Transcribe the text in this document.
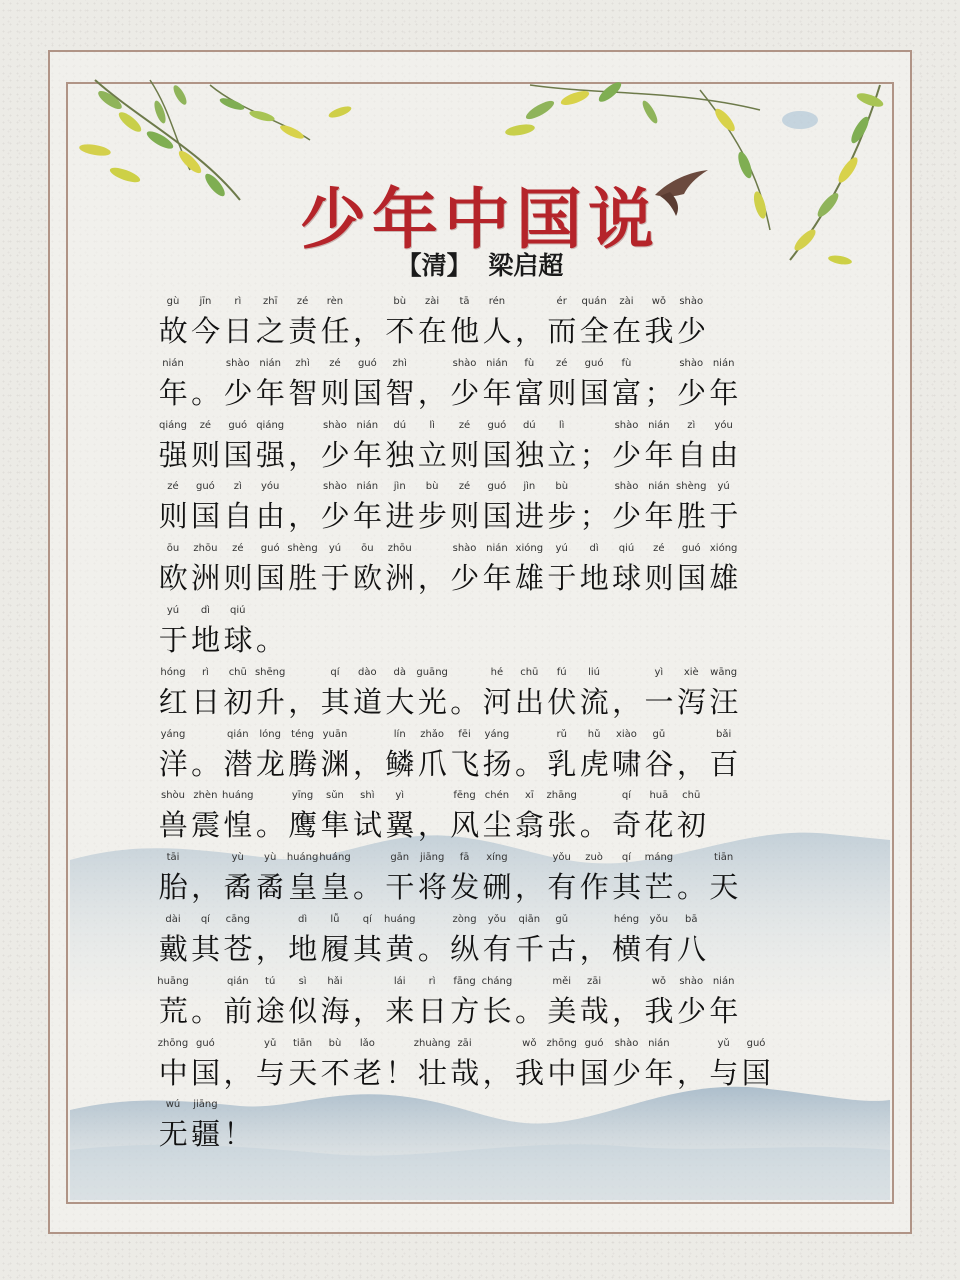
少年中国说
【清】 梁启超
gù
故
jīn
今
rì
日
zhī
之
zé
责
rèn
任 ，
bù
不
zài
在
tā
他
rén
人 ，
ér
而
quán
全
zài
在
wǒ
我
shào
少
nián
年 。
shào
少
nián
年
zhì
智
zé
则
guó
国
zhì
智 ，
shào
少
nián
年
fù
富
zé
则
guó
国
fù
富 ；
shào
少
nián
年
qiáng
强
zé
则
guó
国
qiáng
强 ，
shào
少
nián
年
dú
独
lì
立
zé
则
guó
国
dú
独
lì
立 ；
shào
少
nián
年
zì
自
yóu
由
zé
则
guó
国
zì
自
yóu
由 ，
shào
少
nián
年
jìn
进
bù
步
zé
则
guó
国
jìn
进
bù
步 ；
shào
少
nián
年
shèng
胜
yú
于
ōu
欧
zhōu
洲
zé
则
guó
国
shèng
胜
yú
于
ōu
欧
zhōu
洲 ，
shào
少
nián
年
xióng
雄
yú
于
dì
地
qiú
球
zé
则
guó
国
xióng
雄
yú
于
dì
地
qiú
球 。
hóng
红
rì
日
chū
初
shēng
升 ，
qí
其
dào
道
dà
大
guāng
光 。
hé
河
chū
出
fú
伏
liú
流 ，
yì
一
xiè
泻
wāng
汪
yáng
洋 。
qián
潜
lóng
龙
téng
腾
yuān
渊 ，
lín
鳞
zhǎo
爪
fēi
飞
yáng
扬 。
rǔ
乳
hǔ
虎
xiào
啸
gǔ
谷 ，
bǎi
百
shòu
兽
zhèn
震
huáng
惶 。
yīng
鹰
sǔn
隼
shì
试
yì
翼 ，
fēng
风
chén
尘
xī
翕
zhāng
张 。
qí
奇
huā
花
chū
初
tāi
胎 ，
yù
矞
yù
矞
huáng
皇
huáng
皇 。
gān
干
jiāng
将
fā
发
xíng
硎 ，
yǒu
有
zuò
作
qí
其
máng
芒 。
tiān
天
dài
戴
qí
其
cāng
苍 ，
dì
地
lǚ
履
qí
其
huáng
黄 。
zòng
纵
yǒu
有
qiān
千
gǔ
古 ，
héng
横
yǒu
有
bā
八
huāng
荒 。
qián
前
tú
途
sì
似
hǎi
海 ，
lái
来
rì
日
fāng
方
cháng
长 。
měi
美
zāi
哉 ，
wǒ
我
shào
少
nián
年
zhōng
中
guó
国 ，
yǔ
与
tiān
天
bù
不
lǎo
老 ！
zhuàng
壮
zāi
哉 ，
wǒ
我
zhōng
中
guó
国
shào
少
nián
年 ，
yǔ
与
guó
国
wú
无
jiāng
疆 ！
